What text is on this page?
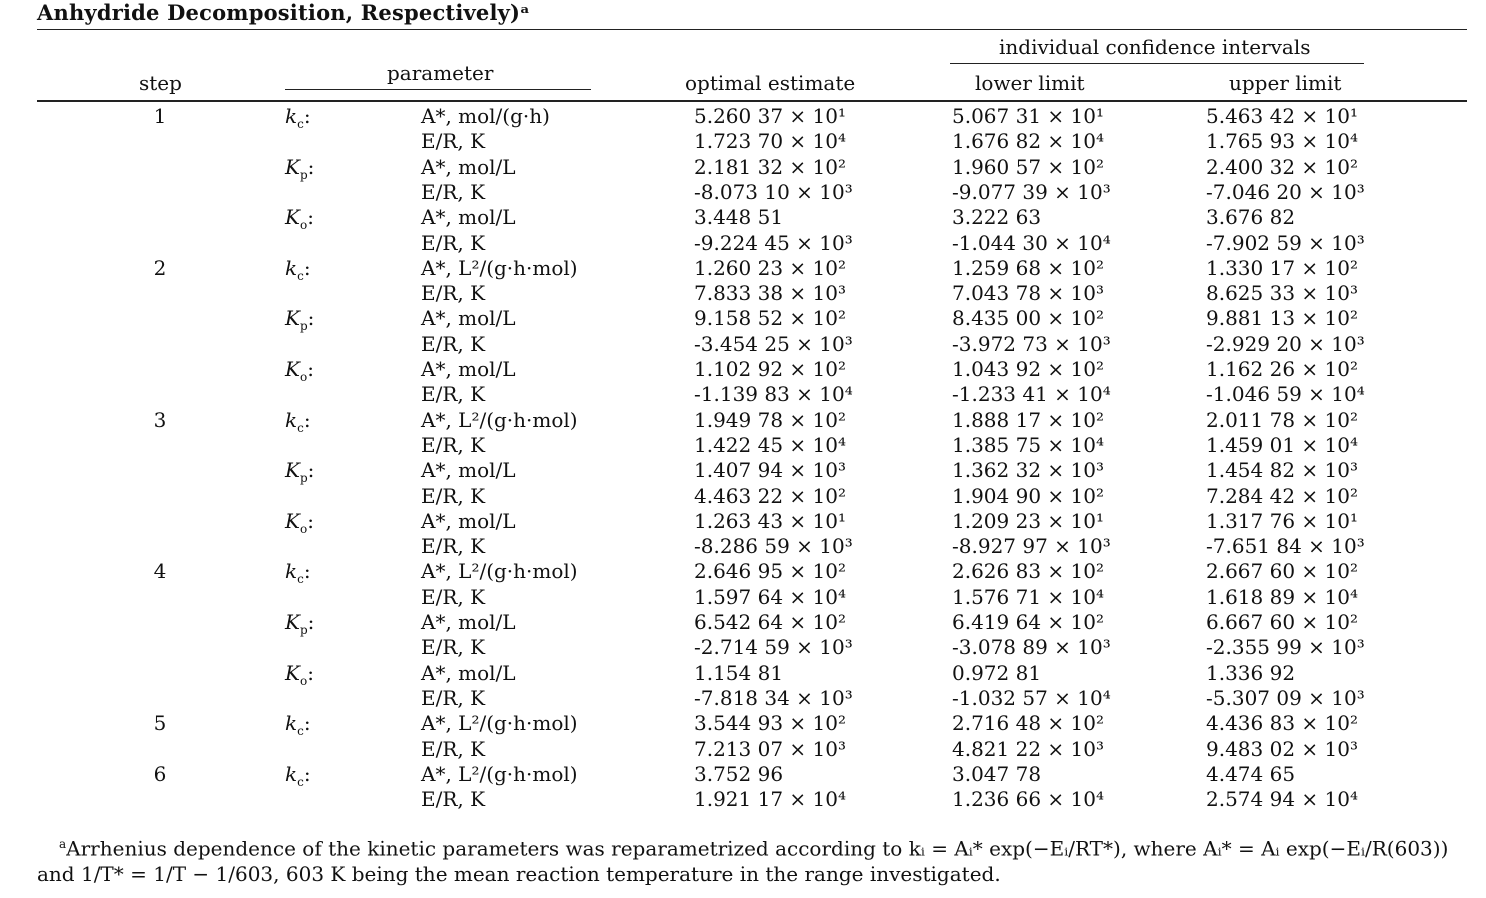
Anhydride Decomposition, Respectively)ᵃ
individual confidence intervals
step	parameter	optimal estimate	lower limit	upper limit
1	$k_c$:	A*, mol/(g·h)	5.260 37 × 10¹	5.067 31 × 10¹	5.463 42 × 10¹
E/R, K	1.723 70 × 10⁴	1.676 82 × 10⁴	1.765 93 × 10⁴
$K_p$:	A*, mol/L	2.181 32 × 10²	1.960 57 × 10²	2.400 32 × 10²
E/R, K	-8.073 10 × 10³	-9.077 39 × 10³	-7.046 20 × 10³
$K_o$:	A*, mol/L	3.448 51	3.222 63	3.676 82
E/R, K	-9.224 45 × 10³	-1.044 30 × 10⁴	-7.902 59 × 10³
2	$k_c$:	A*, L²/(g·h·mol)	1.260 23 × 10²	1.259 68 × 10²	1.330 17 × 10²
E/R, K	7.833 38 × 10³	7.043 78 × 10³	8.625 33 × 10³
$K_p$:	A*, mol/L	9.158 52 × 10²	8.435 00 × 10²	9.881 13 × 10²
E/R, K	-3.454 25 × 10³	-3.972 73 × 10³	-2.929 20 × 10³
$K_o$:	A*, mol/L	1.102 92 × 10²	1.043 92 × 10²	1.162 26 × 10²
E/R, K	-1.139 83 × 10⁴	-1.233 41 × 10⁴	-1.046 59 × 10⁴
3	$k_c$:	A*, L²/(g·h·mol)	1.949 78 × 10²	1.888 17 × 10²	2.011 78 × 10²
E/R, K	1.422 45 × 10⁴	1.385 75 × 10⁴	1.459 01 × 10⁴
$K_p$:	A*, mol/L	1.407 94 × 10³	1.362 32 × 10³	1.454 82 × 10³
E/R, K	4.463 22 × 10²	1.904 90 × 10²	7.284 42 × 10²
$K_o$:	A*, mol/L	1.263 43 × 10¹	1.209 23 × 10¹	1.317 76 × 10¹
E/R, K	-8.286 59 × 10³	-8.927 97 × 10³	-7.651 84 × 10³
4	$k_c$:	A*, L²/(g·h·mol)	2.646 95 × 10²	2.626 83 × 10²	2.667 60 × 10²
E/R, K	1.597 64 × 10⁴	1.576 71 × 10⁴	1.618 89 × 10⁴
$K_p$:	A*, mol/L	6.542 64 × 10²	6.419 64 × 10²	6.667 60 × 10²
E/R, K	-2.714 59 × 10³	-3.078 89 × 10³	-2.355 99 × 10³
$K_o$:	A*, mol/L	1.154 81	0.972 81	1.336 92
E/R, K	-7.818 34 × 10³	-1.032 57 × 10⁴	-5.307 09 × 10³
5	$k_c$:	A*, L²/(g·h·mol)	3.544 93 × 10²	2.716 48 × 10²	4.436 83 × 10²
E/R, K	7.213 07 × 10³	4.821 22 × 10³	9.483 02 × 10³
6	$k_c$:	A*, L²/(g·h·mol)	3.752 96	3.047 78	4.474 65
E/R, K	1.921 17 × 10⁴	1.236 66 × 10⁴	2.574 94 × 10⁴
$^a$Arrhenius dependence of the kinetic parameters was reparametrized according to kᵢ = Aᵢ* exp(−Eᵢ/RT*), where Aᵢ* = Aᵢ exp(−Eᵢ/R(603)) and 1/T* = 1/T − 1/603, 603 K being the mean reaction temperature in the range investigated.
